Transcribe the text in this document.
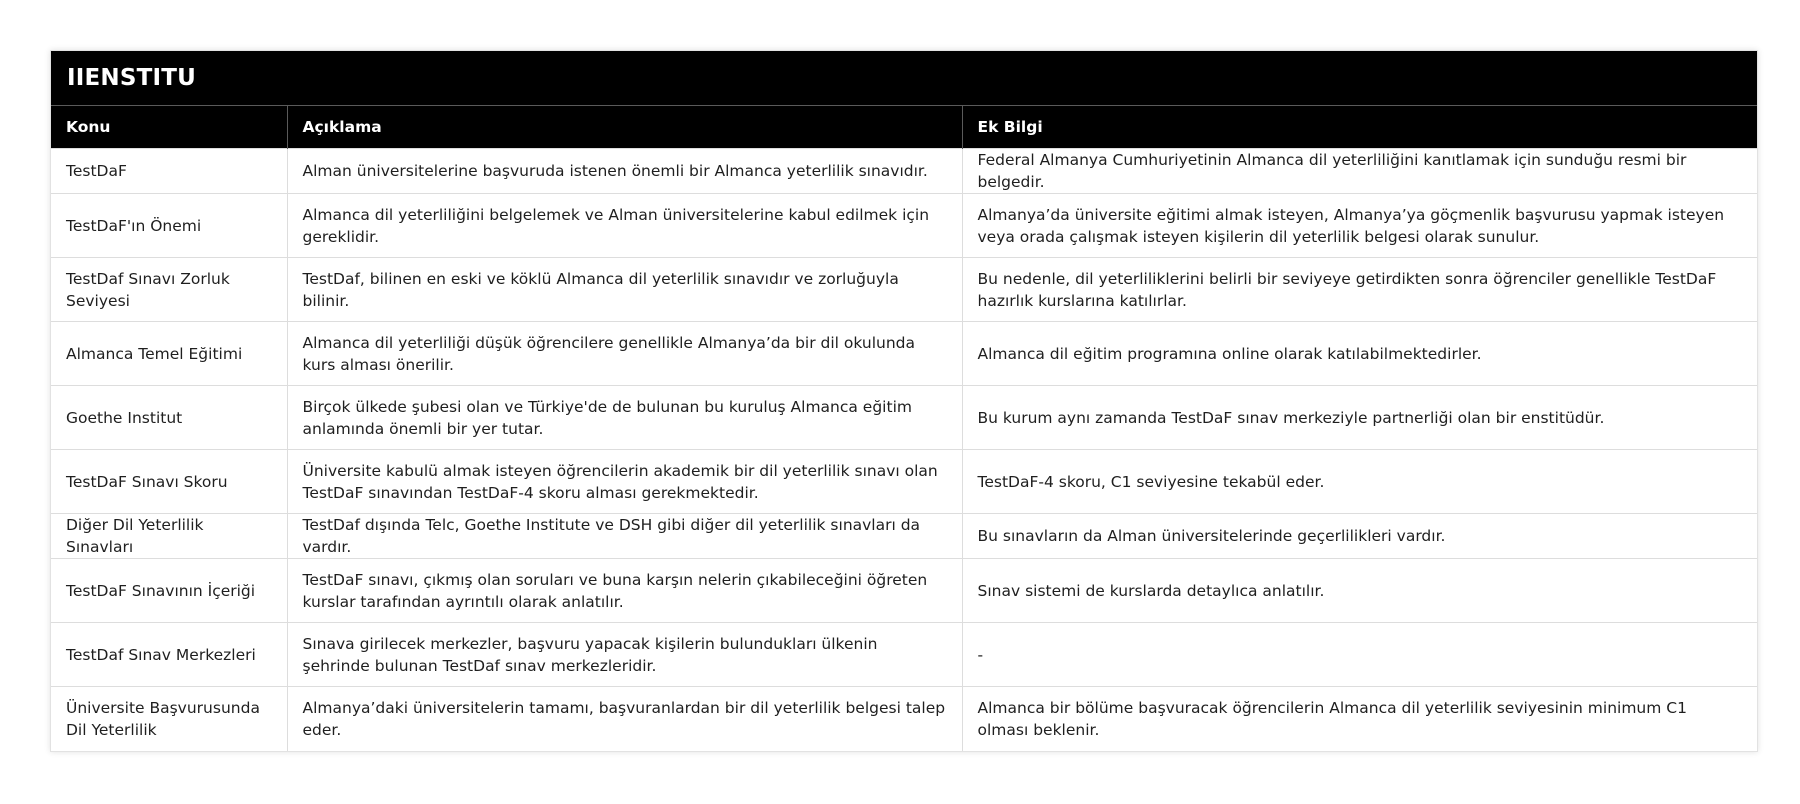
IIENSTITU
Konu	Açıklama	Ek Bilgi
TestDaF	Alman üniversitelerine başvuruda istenen önemli bir Almanca yeterlilik sınavıdır.	Federal Almanya Cumhuriyetinin Almanca dil yeterliliğini kanıtlamak için sunduğu resmi bir belgedir.
TestDaF'ın Önemi	Almanca dil yeterliliğini belgelemek ve Alman üniversitelerine kabul edilmek için gereklidir.	Almanya’da üniversite eğitimi almak isteyen, Almanya’ya göçmenlik başvurusu yapmak isteyen veya orada çalışmak isteyen kişilerin dil yeterlilik belgesi olarak sunulur.
TestDaf Sınavı Zorluk Seviyesi	TestDaf, bilinen en eski ve köklü Almanca dil yeterlilik sınavıdır ve zorluğuyla bilinir.	Bu nedenle, dil yeterliliklerini belirli bir seviyeye getirdikten sonra öğrenciler genellikle TestDaF hazırlık kurslarına katılırlar.
Almanca Temel Eğitimi	Almanca dil yeterliliği düşük öğrencilere genellikle Almanya’da bir dil okulunda kurs alması önerilir.	Almanca dil eğitim programına online olarak katılabilmektedirler.
Goethe Institut	Birçok ülkede şubesi olan ve Türkiye'de de bulunan bu kuruluş Almanca eğitim anlamında önemli bir yer tutar.	Bu kurum aynı zamanda TestDaF sınav merkeziyle partnerliği olan bir enstitüdür.
TestDaF Sınavı Skoru	Üniversite kabulü almak isteyen öğrencilerin akademik bir dil yeterlilik sınavı olan TestDaF sınavından TestDaF-4 skoru alması gerekmektedir.	TestDaF-4 skoru, C1 seviyesine tekabül eder.
Diğer Dil Yeterlilik Sınavları	TestDaf dışında Telc, Goethe Institute ve DSH gibi diğer dil yeterlilik sınavları da vardır.	Bu sınavların da Alman üniversitelerinde geçerlilikleri vardır.
TestDaF Sınavının İçeriği	TestDaF sınavı, çıkmış olan soruları ve buna karşın nelerin çıkabileceğini öğreten kurslar tarafından ayrıntılı olarak anlatılır.	Sınav sistemi de kurslarda detaylıca anlatılır.
TestDaf Sınav Merkezleri	Sınava girilecek merkezler, başvuru yapacak kişilerin bulundukları ülkenin şehrinde bulunan TestDaf sınav merkezleridir.	-
Üniversite Başvurusunda Dil Yeterlilik	Almanya’daki üniversitelerin tamamı, başvuranlardan bir dil yeterlilik belgesi talep eder.	Almanca bir bölüme başvuracak öğrencilerin Almanca dil yeterlilik seviyesinin minimum C1 olması beklenir.
